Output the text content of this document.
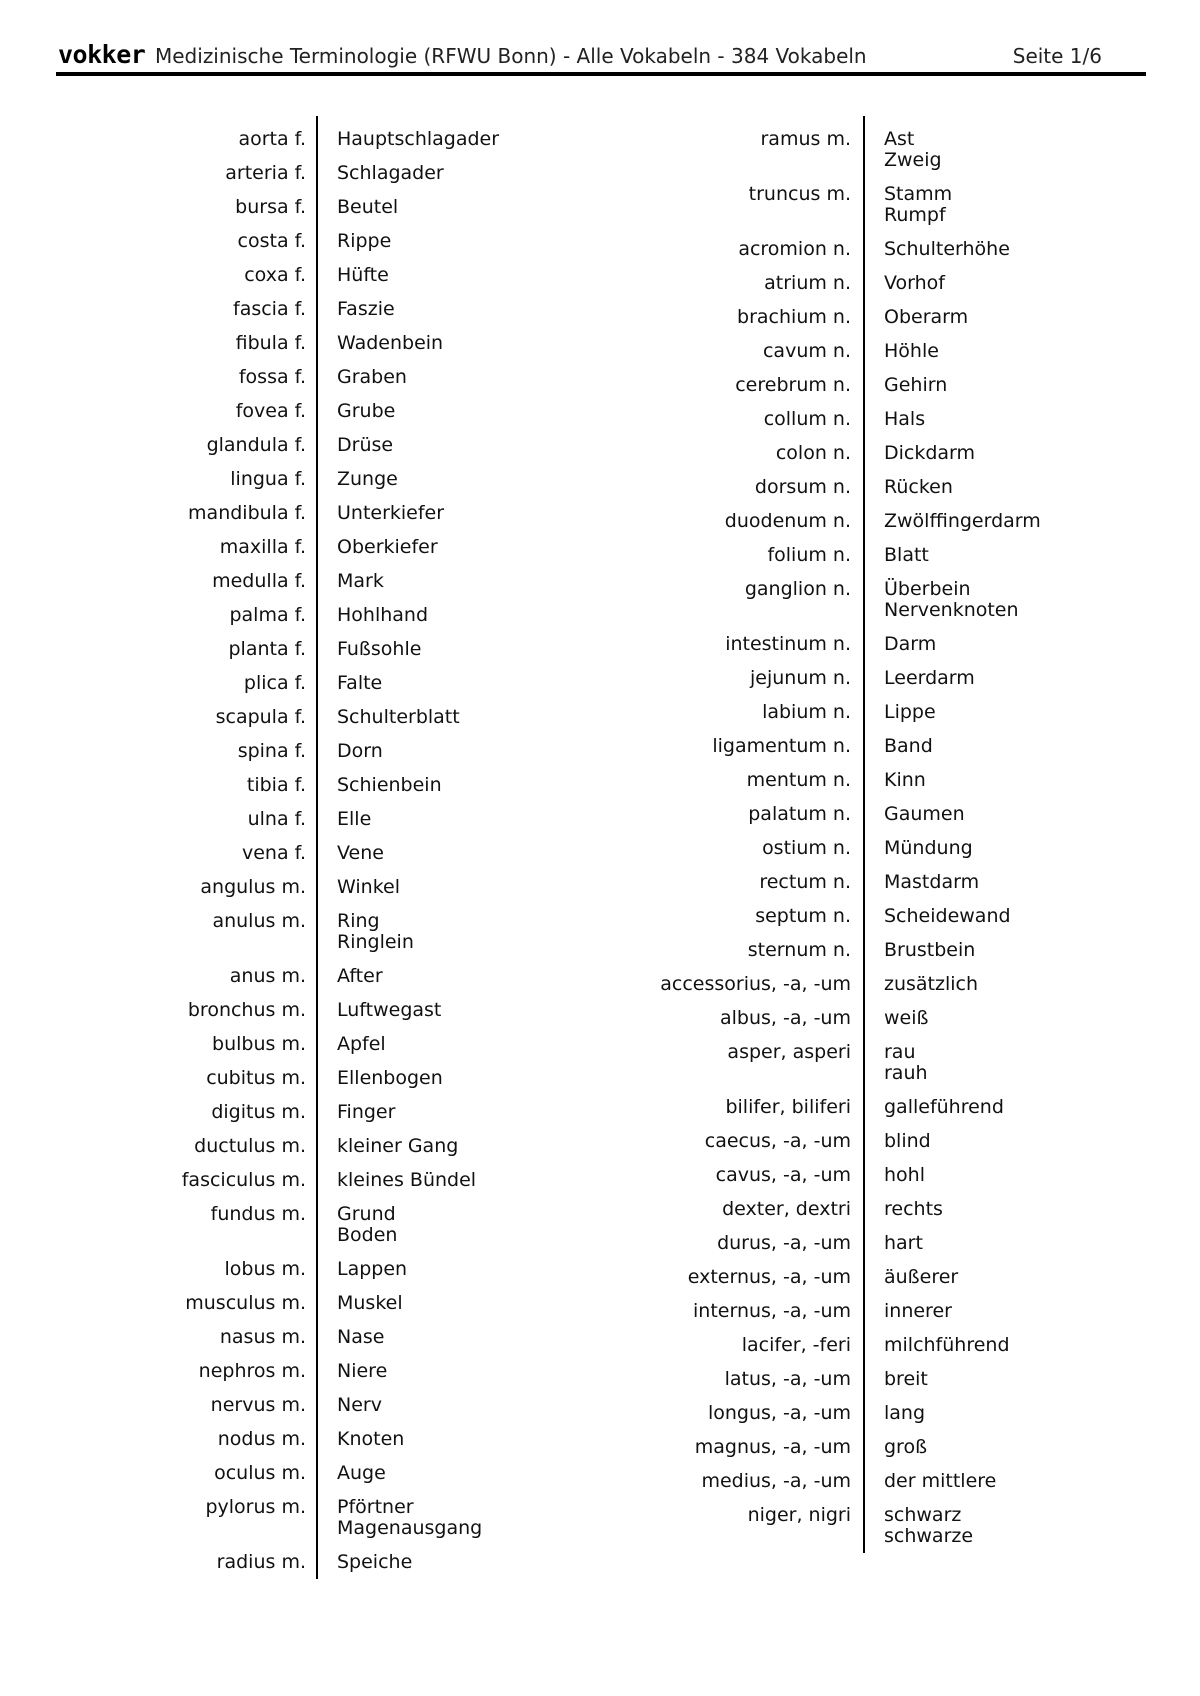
vokker Medizinische Terminologie (RFWU Bonn) - Alle Vokabeln - 384 Vokabeln	Seite 1/6
aorta f.	Hauptschlagader
arteria f.	Schlagader
bursa f.	Beutel
costa f.	Rippe
coxa f.	Hüfte
fascia f.	Faszie
fibula f.	Wadenbein
fossa f.	Graben
fovea f.	Grube
glandula f.	Drüse
lingua f.	Zunge
mandibula f.	Unterkiefer
maxilla f.	Oberkiefer
medulla f.	Mark
palma f.	Hohlhand
planta f.	Fußsohle
plica f.	Falte
scapula f.	Schulterblatt
spina f.	Dorn
tibia f.	Schienbein
ulna f.	Elle
vena f.	Vene
angulus m.	Winkel
anulus m.	Ring
Ringlein
anus m.	After
bronchus m.	Luftwegast
bulbus m.	Apfel
cubitus m.	Ellenbogen
digitus m.	Finger
ductulus m.	kleiner Gang
fasciculus m.	kleines Bündel
fundus m.	Grund
Boden
lobus m.	Lappen
musculus m.	Muskel
nasus m.	Nase
nephros m.	Niere
nervus m.	Nerv
nodus m.	Knoten
oculus m.	Auge
pylorus m.	Pförtner
Magenausgang
radius m.	Speiche
ramus m.	Ast
Zweig
truncus m.	Stamm
Rumpf
acromion n.	Schulterhöhe
atrium n.	Vorhof
brachium n.	Oberarm
cavum n.	Höhle
cerebrum n.	Gehirn
collum n.	Hals
colon n.	Dickdarm
dorsum n.	Rücken
duodenum n.	Zwölffingerdarm
folium n.	Blatt
ganglion n.	Überbein
Nervenknoten
intestinum n.	Darm
jejunum n.	Leerdarm
labium n.	Lippe
ligamentum n.	Band
mentum n.	Kinn
palatum n.	Gaumen
ostium n.	Mündung
rectum n.	Mastdarm
septum n.	Scheidewand
sternum n.	Brustbein
accessorius, -a, -um	zusätzlich
albus, -a, -um	weiß
asper, asperi	rau
rauh
bilifer, biliferi	galleführend
caecus, -a, -um	blind
cavus, -a, -um	hohl
dexter, dextri	rechts
durus, -a, -um	hart
externus, -a, -um	äußerer
internus, -a, -um	innerer
lacifer, -feri	milchführend
latus, -a, -um	breit
longus, -a, -um	lang
magnus, -a, -um	groß
medius, -a, -um	der mittlere
niger, nigri	schwarz
schwarze
